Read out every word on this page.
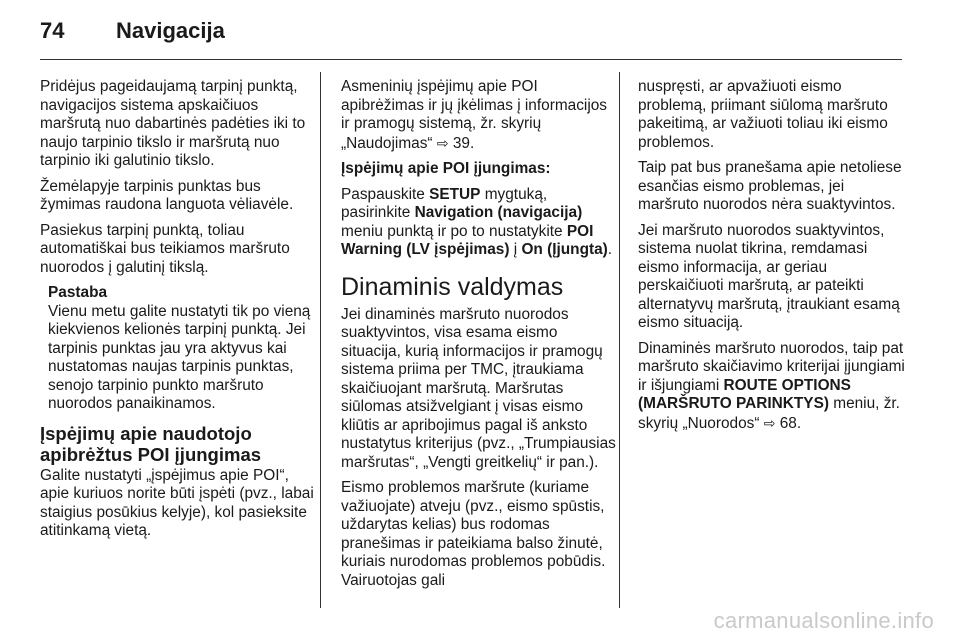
74 Navigacija

Pridėjus pageidaujamą tarpinį punktą, navigacijos sistema apskaičiuos maršrutą nuo dabartinės padėties iki to naujo tarpinio tikslo ir maršrutą nuo tarpinio iki galutinio tikslo.

Žemėlapyje tarpinis punktas bus žymimas raudona languota vėliavėle.

Pasiekus tarpinį punktą, toliau automatiškai bus teikiamos maršruto nuorodos į galutinį tikslą.

Pastaba

Vienu metu galite nustatyti tik po vieną kiekvienos kelionės tarpinį punktą. Jei tarpinis punktas jau yra aktyvus kai nustatomas naujas tarpinis punktas, senojo tarpinio punkto maršruto nuorodos panaikinamos.

Įspėjimų apie naudotojo apibrėžtus POI įjungimas

Galite nustatyti „įspėjimus apie POI“, apie kuriuos norite būti įspėti (pvz., labai staigius posūkius kelyje), kol pasieksite atitinkamą vietą.

Asmeninių įspėjimų apie POI apibrėžimas ir jų įkėlimas į informacijos ir pramogų sistemą, žr. skyrių „Naudojimas“ ⇨ 39.

Įspėjimų apie POI įjungimas:

Paspauskite SETUP mygtuką, pasirinkite Navigation (navigacija) meniu punktą ir po to nustatykite POI Warning (LV įspėjimas) į On (Įjungta).

Dinaminis valdymas

Jei dinaminės maršruto nuorodos suaktyvintos, visa esama eismo situacija, kurią informacijos ir pramogų sistema priima per TMC, įtraukiama skaičiuojant maršrutą. Maršrutas siūlomas atsižvelgiant į visas eismo kliūtis ar apribojimus pagal iš anksto nustatytus kriterijus (pvz., „Trumpiausias maršrutas“, „Vengti greitkelių“ ir pan.).

Eismo problemos maršrute (kuriame važiuojate) atveju (pvz., eismo spūstis, uždarytas kelias) bus rodomas pranešimas ir pateikiama balso žinutė, kuriais nurodomas problemos pobūdis. Vairuotojas gali

nuspręsti, ar apvažiuoti eismo problemą, priimant siūlomą maršruto pakeitimą, ar važiuoti toliau iki eismo problemos.

Taip pat bus pranešama apie netoliese esančias eismo problemas, jei maršruto nuorodos nėra suaktyvintos.

Jei maršruto nuorodos suaktyvintos, sistema nuolat tikrina, remdamasi eismo informacija, ar geriau perskaičiuoti maršrutą, ar pateikti alternatyvų maršrutą, įtraukiant esamą eismo situaciją.

Dinaminės maršruto nuorodos, taip pat maršruto skaičiavimo kriterijai įjungiami ir išjungiami ROUTE OPTIONS (MARŠRUTO PARINKTYS) meniu, žr. skyrių „Nuorodos“ ⇨ 68.

carmanualsonline.info
